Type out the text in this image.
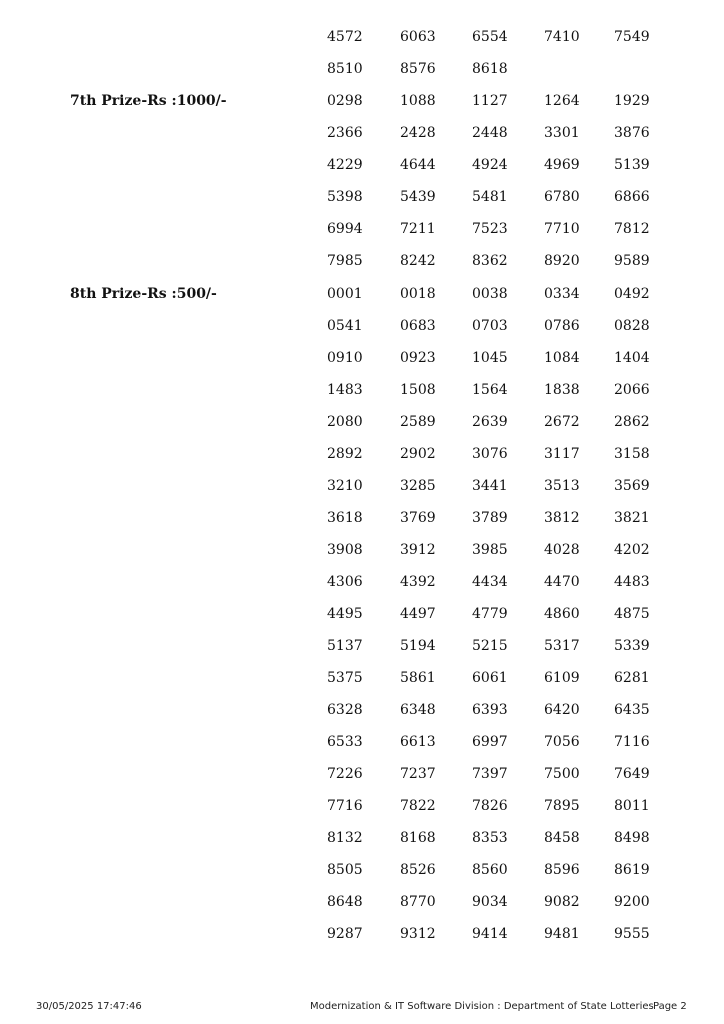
4572	6063	6554	7410 7549
8510	8576	8618
7th Prize-Rs :1000/-	0298	1088	1127	1264 1929
2366	2428	2448	3301 3876
4229	4644	4924	4969 5139
5398	5439	5481	6780 6866
6994	7211	7523	7710 7812
7985	8242	8362	8920 9589
8th Prize-Rs :500/-	0001	0018	0038	0334 0492
0541	0683	0703	0786 0828
0910	0923	1045	1084 1404
1483	1508	1564	1838 2066
2080	2589	2639	2672 2862
2892	2902	3076	3117 3158
3210	3285	3441	3513 3569
3618	3769	3789	3812 3821
3908	3912	3985	4028 4202
4306	4392	4434	4470 4483
4495	4497	4779	4860 4875
5137	5194	5215	5317 5339
5375	5861	6061	6109 6281
6328	6348	6393	6420 6435
6533	6613	6997	7056 7116
7226	7237	7397	7500 7649
7716	7822	7826	7895 8011
8132	8168	8353	8458 8498
8505	8526	8560	8596 8619
8648	8770	9034	9082 9200
9287	9312	9414	9481 9555
30/05/2025 17:47:46	Modernization & IT Software Division : Department of State Lotteries Page 2
